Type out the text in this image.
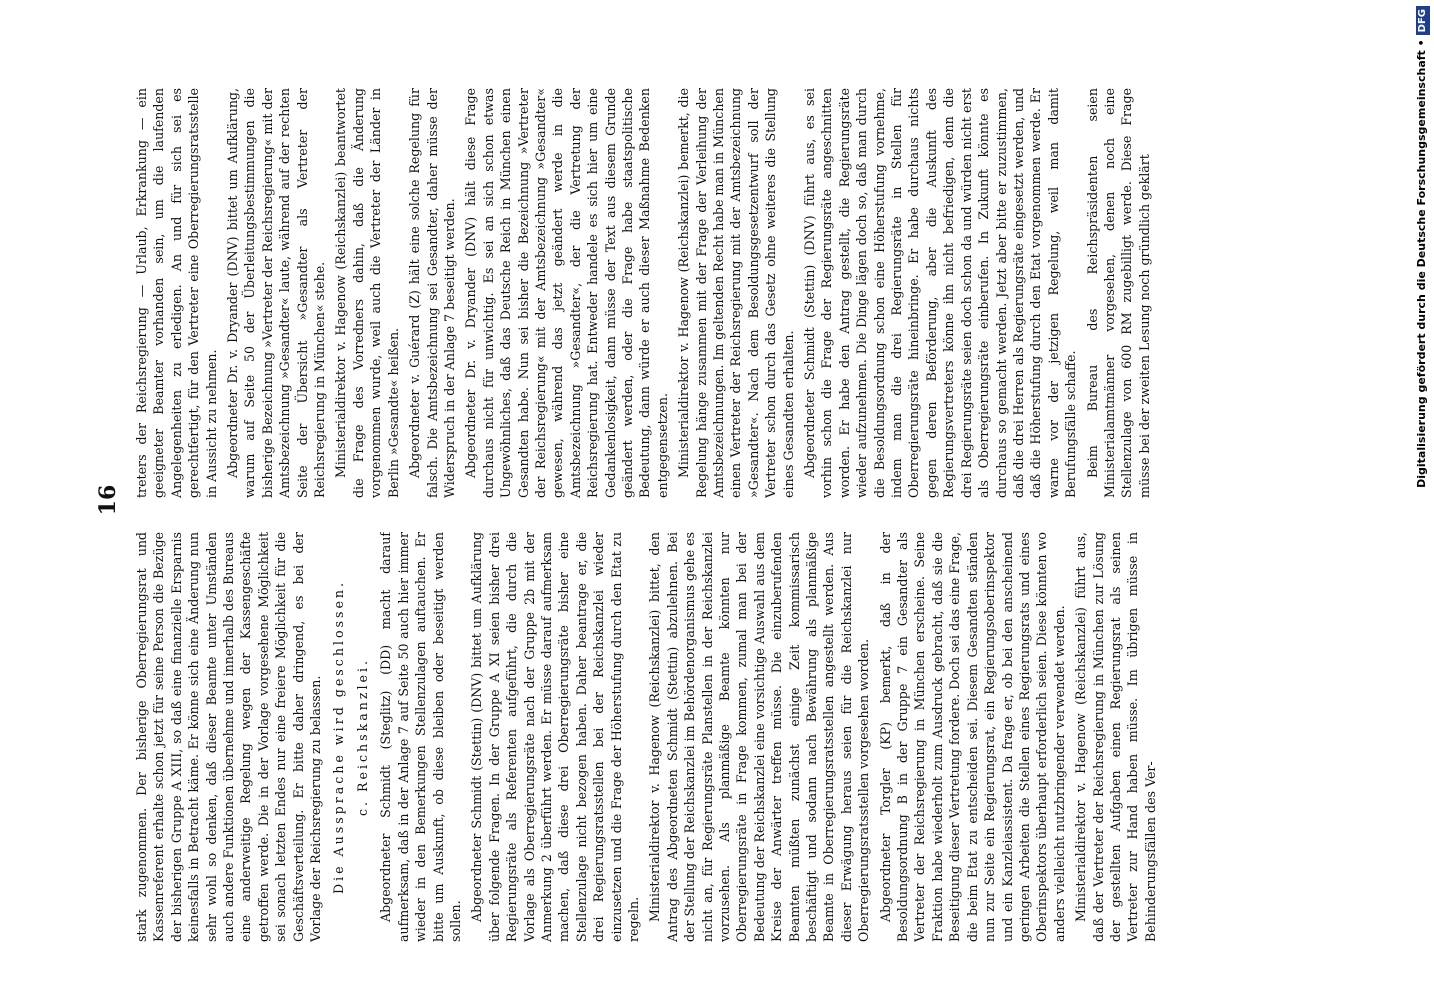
16

stark zugenommen. Der bisherige Oberregierungsrat und Kassenreferent erhalte schon jetzt für seine Person die Bezüge der bisherigen Gruppe A XIII, so daß eine finanzielle Ersparnis keinesfalls in Betracht käme. Er könne sich eine Änderung nun sehr wohl so denken, daß dieser Beamte unter Umständen auch andere Funktionen übernehme und innerhalb des Bureaus eine anderweitige Regelung wegen der Kassengeschäfte getroffen werde. Die in der Vorlage vorgesehene Möglichkeit sei sonach letzten Endes nur eine freiere Möglichkeit für die Geschäftsverteilung. Er bitte daher dringend, es bei der Vorlage der Reichsregierung zu belassen. Die Aussprache wird geschlossen. c. Reichskanzlei. Abgeordneter Schmidt (Steglitz) (DD) macht darauf aufmerksam, daß in der Anlage 7 auf Seite 50 auch hier immer wieder in den Bemerkungen Stellenzulagen auftauchen. Er bitte um Auskunft, ob diese bleiben oder beseitigt werden sollen. Abgeordneter Schmidt (Stettin) (DNV) bittet um Aufklärung über folgende Fragen. In der Gruppe A XI seien bisher drei Regierungsräte als Referenten aufgeführt, die durch die Vorlage als Oberregierungsräte nach der Gruppe 2b mit der Anmerkung 2 überführt werden. Er müsse darauf aufmerksam machen, daß diese drei Oberregierungsräte bisher eine Stellenzulage nicht bezogen haben. Daher beantrage er, die drei Regierungsratsstellen bei der Reichskanzlei wieder einzusetzen und die Frage der Höherstufung durch den Etat zu regeln. Ministerialdirektor v. Hagenow (Reichskanzlei) bittet, den Antrag des Abgeordneten Schmidt (Stettin) abzulehnen. Bei der Stellung der Reichskanzlei im Behördenorganismus gehe es nicht an, für Regierungsräte Planstellen in der Reichskanzlei vorzusehen. Als planmäßige Beamte könnten nur Oberregierungsräte in Frage kommen, zumal man bei der Bedeutung der Reichskanzlei eine vorsichtige Auswahl aus dem Kreise der Anwärter treffen müsse. Die einzuberufenden Beamten müßten zunächst einige Zeit kommissarisch beschäftigt und sodann nach Bewährung als planmäßige Beamte in Oberregierungsratsstellen angestellt werden. Aus dieser Erwägung heraus seien für die Reichskanzlei nur Oberregierungsratsstellen vorgesehen worden. Abgeordneter Torgler (KP) bemerkt, daß in der Besoldungsordnung B in der Gruppe 7 ein Gesandter als Vertreter der Reichsregierung in München erscheine. Seine Fraktion habe wiederholt zum Ausdruck gebracht, daß sie die Beseitigung dieser Vertretung fordere. Doch sei das eine Frage, die beim Etat zu entscheiden sei. Diesem Gesandten ständen nun zur Seite ein Regierungsrat, ein Regierungsoberinspektor und ein Kanzleiassistent. Da frage er, ob bei den anscheinend geringen Arbeiten die Stellen eines Regierungsrats und eines Oberinspektors überhaupt erforderlich seien. Diese könnten wo anders vielleicht nutzbringender verwendet werden. Ministerialdirektor v. Hagenow (Reichskanzlei) führt aus, daß der Vertreter der Reichsregierung in München zur Lösung der gestellten Aufgaben einen Regierungsrat als seinen Vertreter zur Hand haben müsse. Im übrigen müsse in Behinderungsfällen des Ver-

treters der Reichsregierung — Urlaub, Erkrankung — ein geeigneter Beamter vorhanden sein, um die laufenden Angelegenheiten zu erledigen. An und für sich sei es gerechtfertigt, für den Vertreter eine Oberregierungsratsstelle in Aussicht zu nehmen. Abgeordneter Dr. v. Dryander (DNV) bittet um Aufklärung, warum auf Seite 50 der Überleitungsbestimmungen die bisherige Bezeichnung »Vertreter der Reichsregierung« mit der Amtsbezeichnung »Gesandter« laute, während auf der rechten Seite der Übersicht »Gesandter als Vertreter der Reichsregierung in München« stehe. Ministerialdirektor v. Hagenow (Reichskanzlei) beantwortet die Frage des Vorredners dahin, daß die Änderung vorgenommen wurde, weil auch die Vertreter der Länder in Berlin »Gesandte« heißen. Abgeordneter v. Guérard (Z) hält eine solche Regelung für falsch. Die Amtsbezeichnung sei Gesandter, daher müsse der Widerspruch in der Anlage 7 beseitigt werden. Abgeordneter Dr. v. Dryander (DNV) hält diese Frage durchaus nicht für unwichtig. Es sei an sich schon etwas Ungewöhnliches, daß das Deutsche Reich in München einen Gesandten habe. Nun sei bisher die Bezeichnung »Vertreter der Reichsregierung« mit der Amtsbezeichnung »Gesandter« gewesen, während das jetzt geändert werde in die Amtsbezeichnung »Gesandter«, der die Vertretung der Reichsregierung hat. Entweder handele es sich hier um eine Gedankenlosigkeit, dann müsse der Text aus diesem Grunde geändert werden, oder die Frage habe staatspolitische Bedeutung, dann würde er auch dieser Maßnahme Bedenken entgegensetzen. Ministerialdirektor v. Hagenow (Reichskanzlei) bemerkt, die Regelung hänge zusammen mit der Frage der Verleihung der Amtsbezeichnungen. Im geltenden Recht habe man in München einen Vertreter der Reichsregierung mit der Amtsbezeichnung »Gesandter«. Nach dem Besoldungsgesetzentwurf soll der Vertreter schon durch das Gesetz ohne weiteres die Stellung eines Gesandten erhalten. Abgeordneter Schmidt (Stettin) (DNV) führt aus, es sei vorhin schon die Frage der Regierungsräte angeschnitten worden. Er habe den Antrag gestellt, die Regierungsräte wieder aufzunehmen. Die Dinge lägen doch so, daß man durch die Besoldungsordnung schon eine Höherstufung vornehme, indem man die drei Regierungsräte in Stellen für Oberregierungsräte hineinbringe. Er habe durchaus nichts gegen deren Beförderung, aber die Auskunft des Regierungsvertreters könne ihn nicht befriedigen, denn die drei Regierungsräte seien doch schon da und würden nicht erst als Oberregierungsräte einberufen. In Zukunft könnte es durchaus so gemacht werden. Jetzt aber bitte er zuzustimmen, daß die drei Herren als Regierungsräte eingesetzt werden, und daß die Höherstufung durch den Etat vorgenommen werde. Er warne vor der jetzigen Regelung, weil man damit Berufungsfälle schaffe. Beim Bureau des Reichspräsidenten seien Ministerialamtmänner vorgesehen, denen noch eine Stellenzulage von 600 RM zugebilligt werde. Diese Frage müsse bei der zweiten Lesung noch gründlich geklärt	Digitalisierung gefördert durch die Deutsche Forschungsgemeinschaft •DFG
